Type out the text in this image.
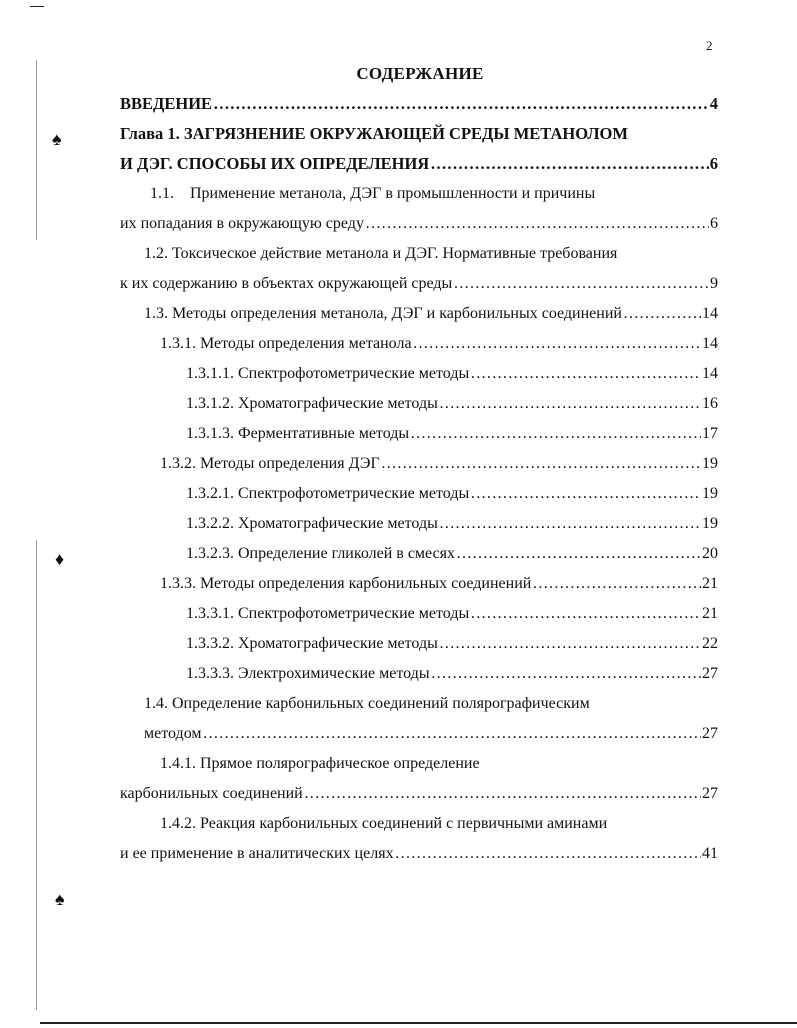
♠
♦
♠
2
СОДЕРЖАНИЕ
ВВЕДЕНИЕ ………………………………………………………………………………………………………………………………………………………………………………………………	4
Глава 1. ЗАГРЯЗНЕНИЕ ОКРУЖАЮЩЕЙ СРЕДЫ МЕТАНОЛОМ
И ДЭГ. СПОСОБЫ ИХ ОПРЕДЕЛЕНИЯ ………………………………………………………………………………………………………………………………………………………………………………………………	6
1.1.    Применение метанола, ДЭГ в промышленности и причины
их попадания в окружающую среду ………………………………………………………………………………………………………………………………………………………………………………………………	6
1.2. Токсическое действие метанола и ДЭГ. Нормативные требования
к их содержанию в объектах окружающей среды ………………………………………………………………………………………………………………………………………………………………………………………………	9
1.3. Методы определения метанола, ДЭГ и карбонильных соединений ………………………………………………………………………………………………………………………………………………………………………………………………	14
1.3.1. Методы определения метанола ………………………………………………………………………………………………………………………………………………………………………………………………	14
1.3.1.1. Спектрофотометрические методы ………………………………………………………………………………………………………………………………………………………………………………………………	14
1.3.1.2. Хроматографические методы ………………………………………………………………………………………………………………………………………………………………………………………………	16
1.3.1.3. Ферментативные методы ………………………………………………………………………………………………………………………………………………………………………………………………	17
1.3.2. Методы определения ДЭГ ………………………………………………………………………………………………………………………………………………………………………………………………	19
1.3.2.1. Спектрофотометрические методы ………………………………………………………………………………………………………………………………………………………………………………………………	19
1.3.2.2. Хроматографические методы ………………………………………………………………………………………………………………………………………………………………………………………………	19
1.3.2.3. Определение гликолей в смесях ………………………………………………………………………………………………………………………………………………………………………………………………	20
1.3.3. Методы определения карбонильных соединений ………………………………………………………………………………………………………………………………………………………………………………………………	21
1.3.3.1. Спектрофотометрические методы ………………………………………………………………………………………………………………………………………………………………………………………………	21
1.3.3.2. Хроматографические методы ………………………………………………………………………………………………………………………………………………………………………………………………	22
1.3.3.3. Электрохимические методы ………………………………………………………………………………………………………………………………………………………………………………………………	27
1.4. Определение карбонильных соединений полярографическим
методом ………………………………………………………………………………………………………………………………………………………………………………………………	27
1.4.1. Прямое полярографическое определение
карбонильных соединений ………………………………………………………………………………………………………………………………………………………………………………………………	27
1.4.2. Реакция карбонильных соединений с первичными аминами
и ее применение в аналитических целях ………………………………………………………………………………………………………………………………………………………………………………………………	41
